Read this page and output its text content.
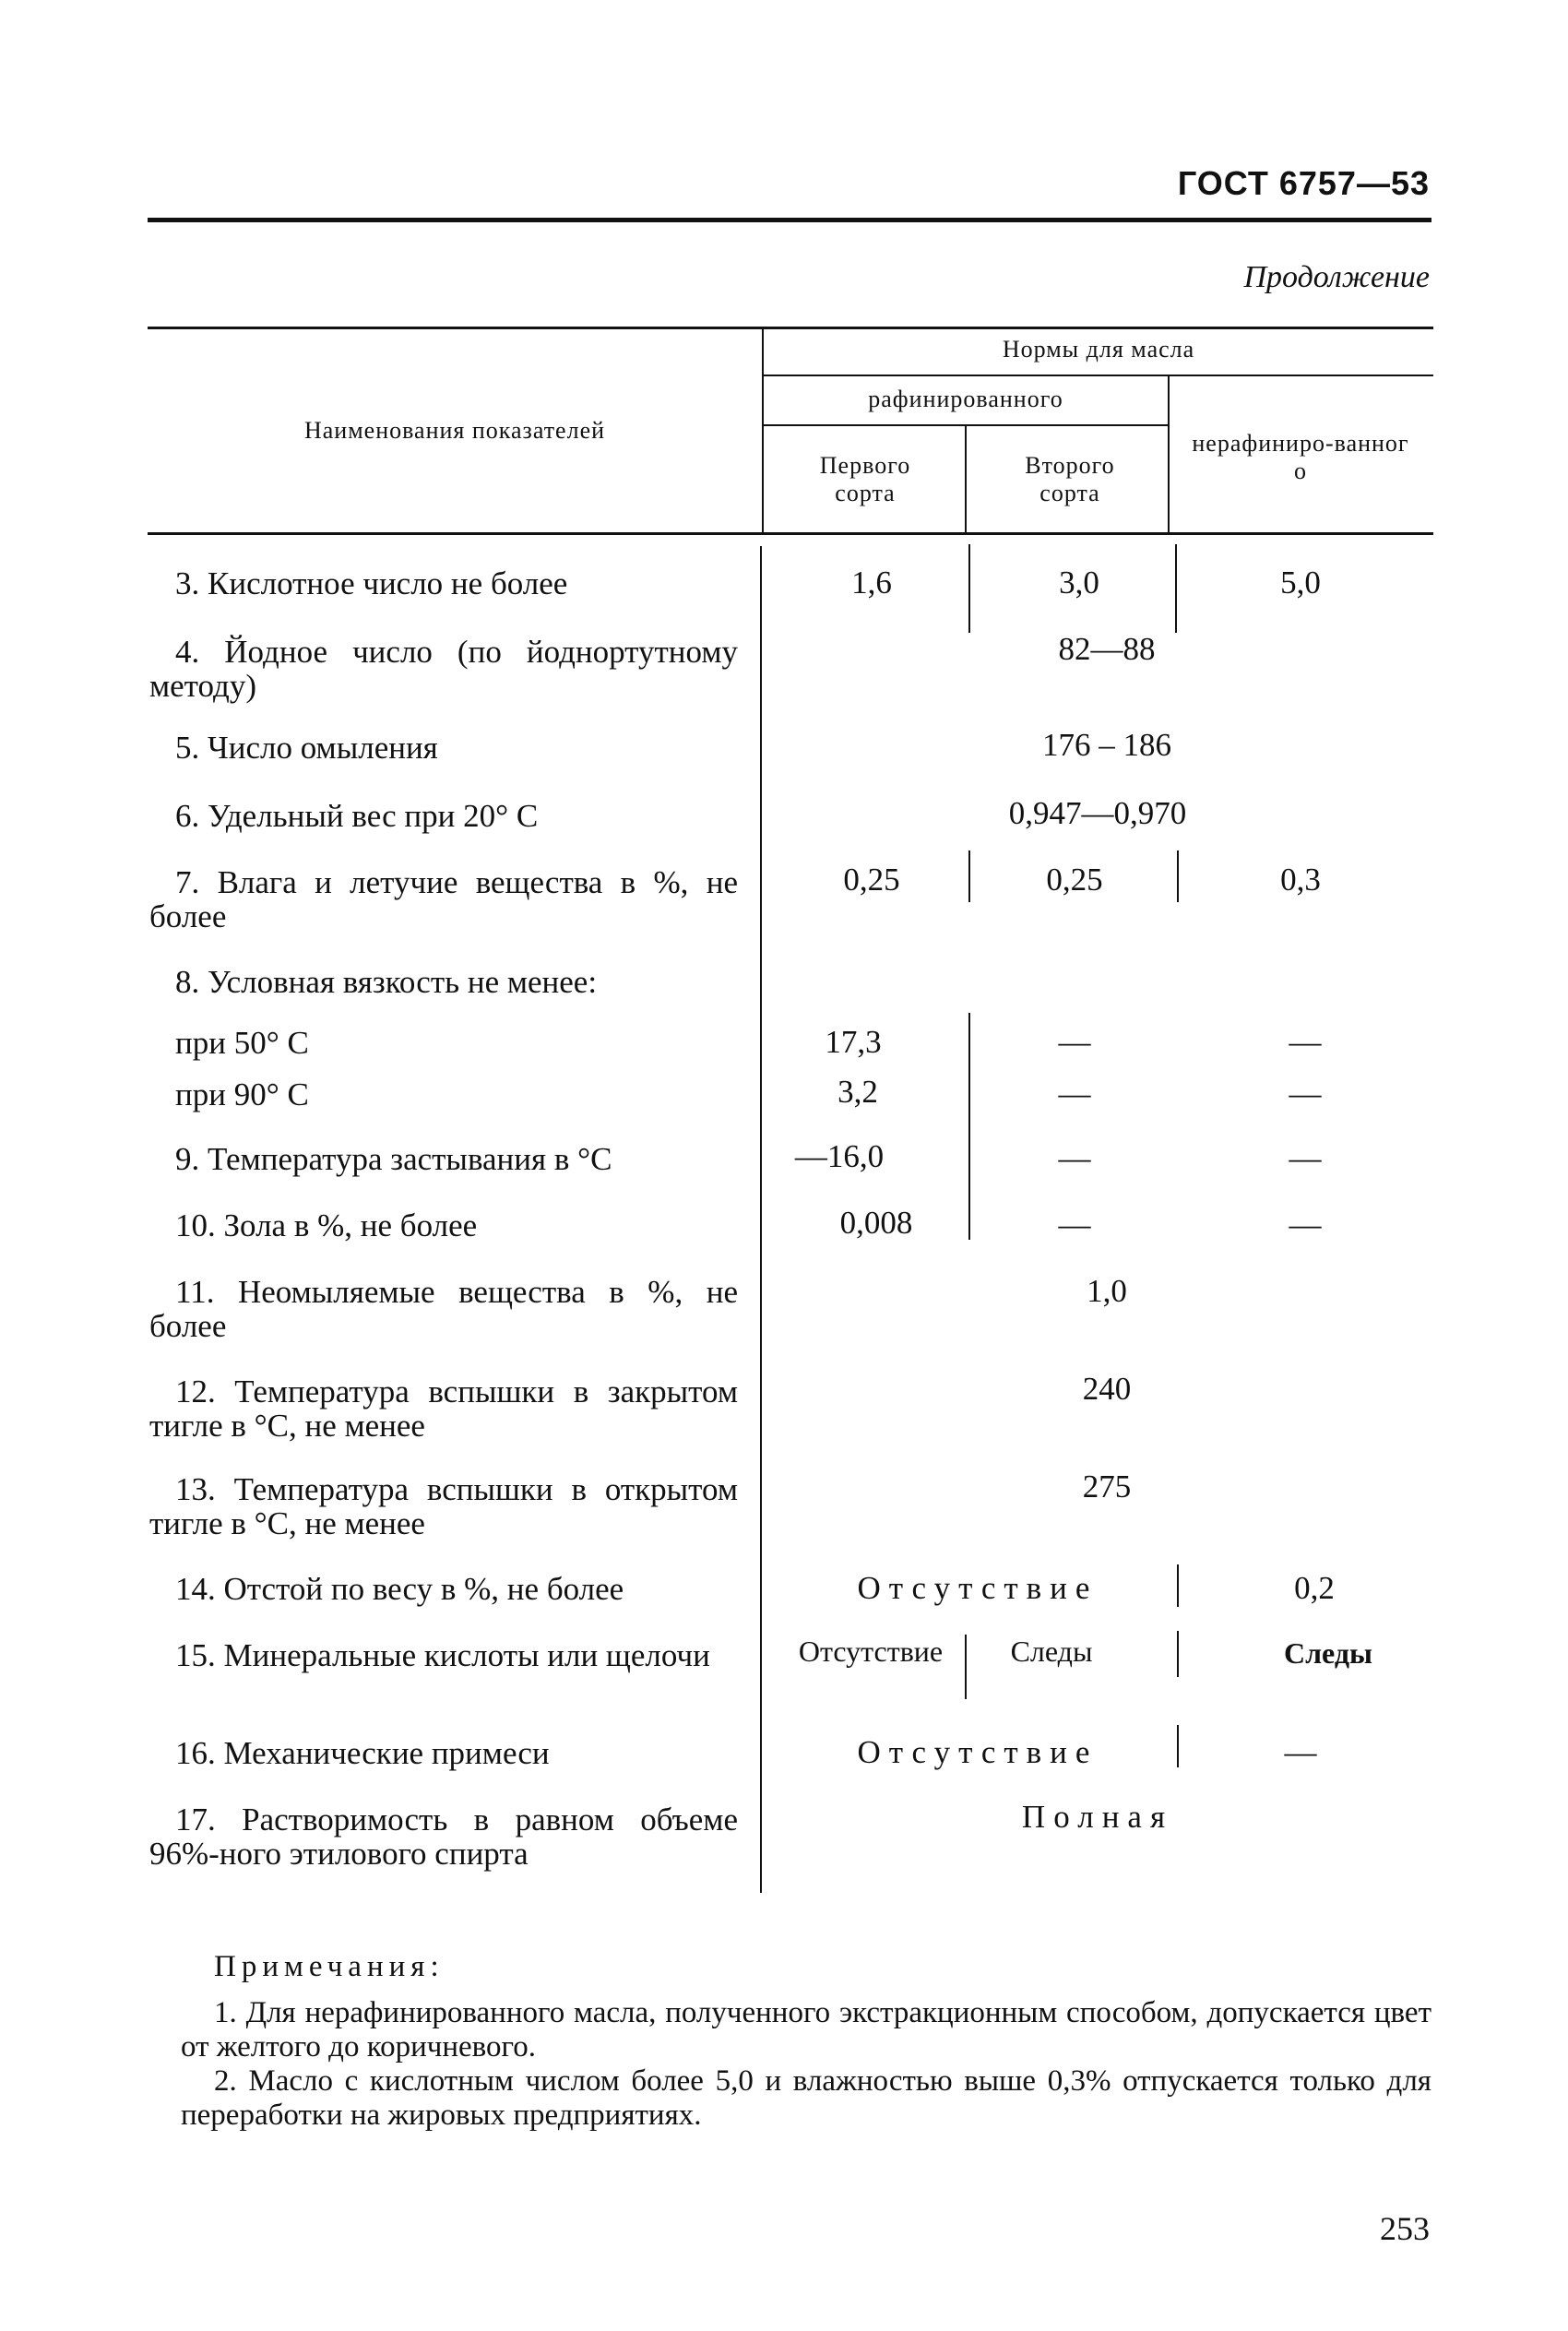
ГОСТ 6757—53
Продолжение
Наименования показателей
Нормы для масла
рафинированного
Первого сорта
Второго сорта
нерафиниро-ванного
3. Кислотное число не более
4. Йодное число (по йоднортутному методу)
5. Число омыления
6. Удельный вес при 20° С
7. Влага и летучие вещества в %, не более
8. Условная вязкость не менее:
при 50° С
при 90° С
9. Температура застывания в °С
10. Зола в %, не более
11. Неомыляемые вещества в %, не более
12. Температура вспышки в закрытом тигле в °С, не менее
13. Температура вспышки в открытом тигле в °С, не менее
14. Отстой по весу в %, не более
15. Минеральные кислоты или щелочи
16. Механические примеси
17. Растворимость в равном объеме 96%-ного этилового спирта
1,6
0,25
17,3
3,2
—16,0
0,008
Отсутствие
3,0
0,25
—
—
—
—
Следы
5,0
0,3
—
—
—
—
0,2
Следы
—
Отсутствие
Отсутствие
82—88
176 – 186
0,947—0,970
1,0
240
275
Полная
Примечания:
1. Для нерафинированного масла, полученного экстракционным способом, допускается цвет от желтого до коричневого.
2. Масло с кислотным числом более 5,0 и влажностью выше 0,3% отпускается только для переработки на жировых предприятиях.
253
